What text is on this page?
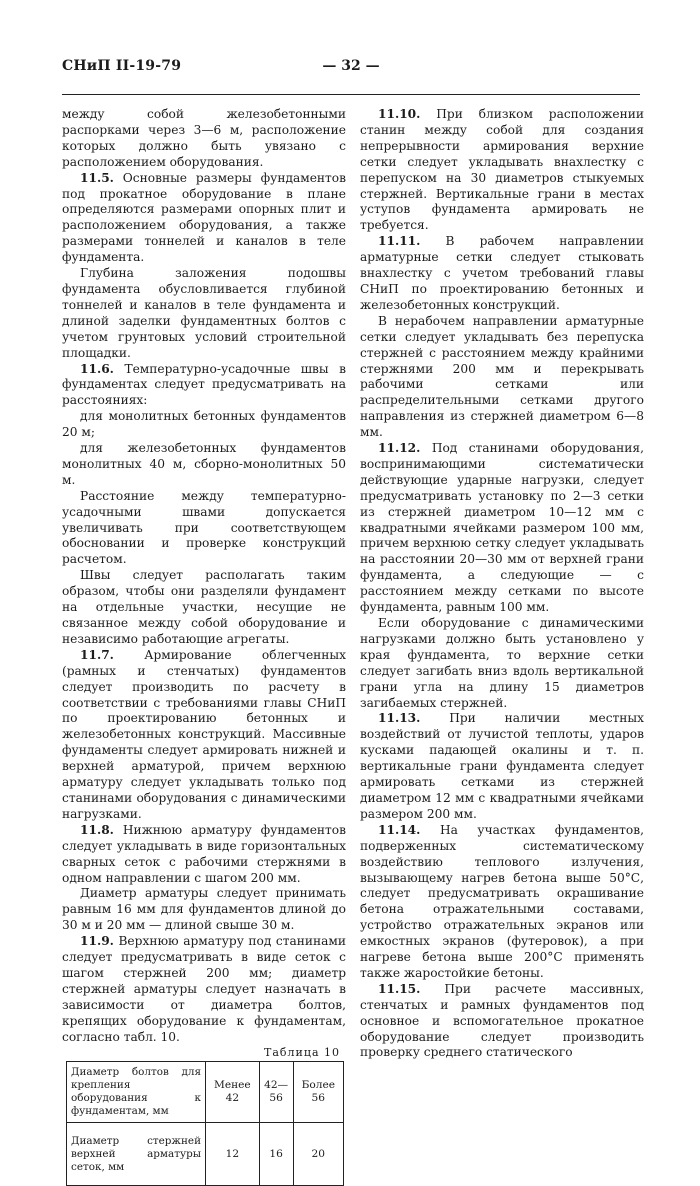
СНиП II-19-79	— 32 —

между собой железобетонными распорками через 3—6 м, расположение которых должно быть увязано с расположением оборудования.

11.5. Основные размеры фундаментов под прокатное оборудование в плане определяются размерами опорных плит и расположением оборудования, а также размерами тоннелей и каналов в теле фундамента.

Глубина заложения подошвы фундамента обусловливается глубиной тоннелей и каналов в теле фундамента и длиной заделки фундаментных болтов с учетом грунтовых условий строительной площадки.

11.6. Температурно-усадочные швы в фундаментах следует предусматривать на расстояниях:

для монолитных бетонных фундаментов 20 м;

для железобетонных фундаментов монолитных 40 м, сборно-монолитных 50 м.

Расстояние между температурно-усадочными швами допускается увеличивать при соответствующем обосновании и проверке конструкций расчетом.

Швы следует располагать таким образом, чтобы они разделяли фундамент на отдельные участки, несущие не связанное между собой оборудование и независимо работающие агрегаты.

11.7. Армирование облегченных (рамных и стенчатых) фундаментов следует производить по расчету в соответствии с требованиями главы СНиП по проектированию бетонных и железобетонных конструкций. Массивные фундаменты следует армировать нижней и верхней арматурой, причем верхнюю арматуру следует укладывать только под станинами оборудования с динамическими нагрузками.

11.8. Нижнюю арматуру фундаментов следует укладывать в виде горизонтальных сварных сеток с рабочими стержнями в одном направлении с шагом 200 мм.

Диаметр арматуры следует принимать равным 16 мм для фундаментов длиной до 30 м и 20 мм — длиной свыше 30 м.

11.9. Верхнюю арматуру под станинами следует предусматривать в виде сеток с шагом стержней 200 мм; диаметр стержней арматуры следует назначать в зависимости от диаметра болтов, крепящих оборудование к фундаментам, согласно табл. 10.

Таблица 10
Диаметр болтов для крепления оборудования к фундаментам, мм	Менее 42	42—56	Более 56
Диаметр стержней верхней арматуры сеток, мм	12	16	20

11.10. При близком расположении станин между собой для создания непрерывности армирования верхние сетки следует укладывать внахлестку с перепуском на 30 диаметров стыкуемых стержней. Вертикальные грани в местах уступов фундамента армировать не требуется.

11.11. В рабочем направлении арматурные сетки следует стыковать внахлестку с учетом требований главы СНиП по проектированию бетонных и железобетонных конструкций.

В нерабочем направлении арматурные сетки следует укладывать без перепуска стержней с расстоянием между крайними стержнями 200 мм и перекрывать рабочими сетками или распределительными сетками другого направления из стержней диаметром 6—8 мм.

11.12. Под станинами оборудования, воспринимающими систематически действующие ударные нагрузки, следует предусматривать установку по 2—3 сетки из стержней диаметром 10—12 мм с квадратными ячейками размером 100 мм, причем верхнюю сетку следует укладывать на расстоянии 20—30 мм от верхней грани фундамента, а следующие — с расстоянием между сетками по высоте фундамента, равным 100 мм.

Если оборудование с динамическими нагрузками должно быть установлено у края фундамента, то верхние сетки следует загибать вниз вдоль вертикальной грани угла на длину 15 диаметров загибаемых стержней.

11.13. При наличии местных воздействий от лучистой теплоты, ударов кусками падающей окалины и т. п. вертикальные грани фундамента следует армировать сетками из стержней диаметром 12 мм с квадратными ячейками размером 200 мм.

11.14. На участках фундаментов, подверженных систематическому воздействию теплового излучения, вызывающему нагрев бетона выше 50°С, следует предусматривать окрашивание бетона отражательными составами, устройство отражательных экранов или емкостных экранов (футеровок), а при нагреве бетона выше 200°С применять также жаростойкие бетоны.

11.15. При расчете массивных, стенчатых и рамных фундаментов под основное и вспомогательное прокатное оборудование следует производить проверку среднего статического
